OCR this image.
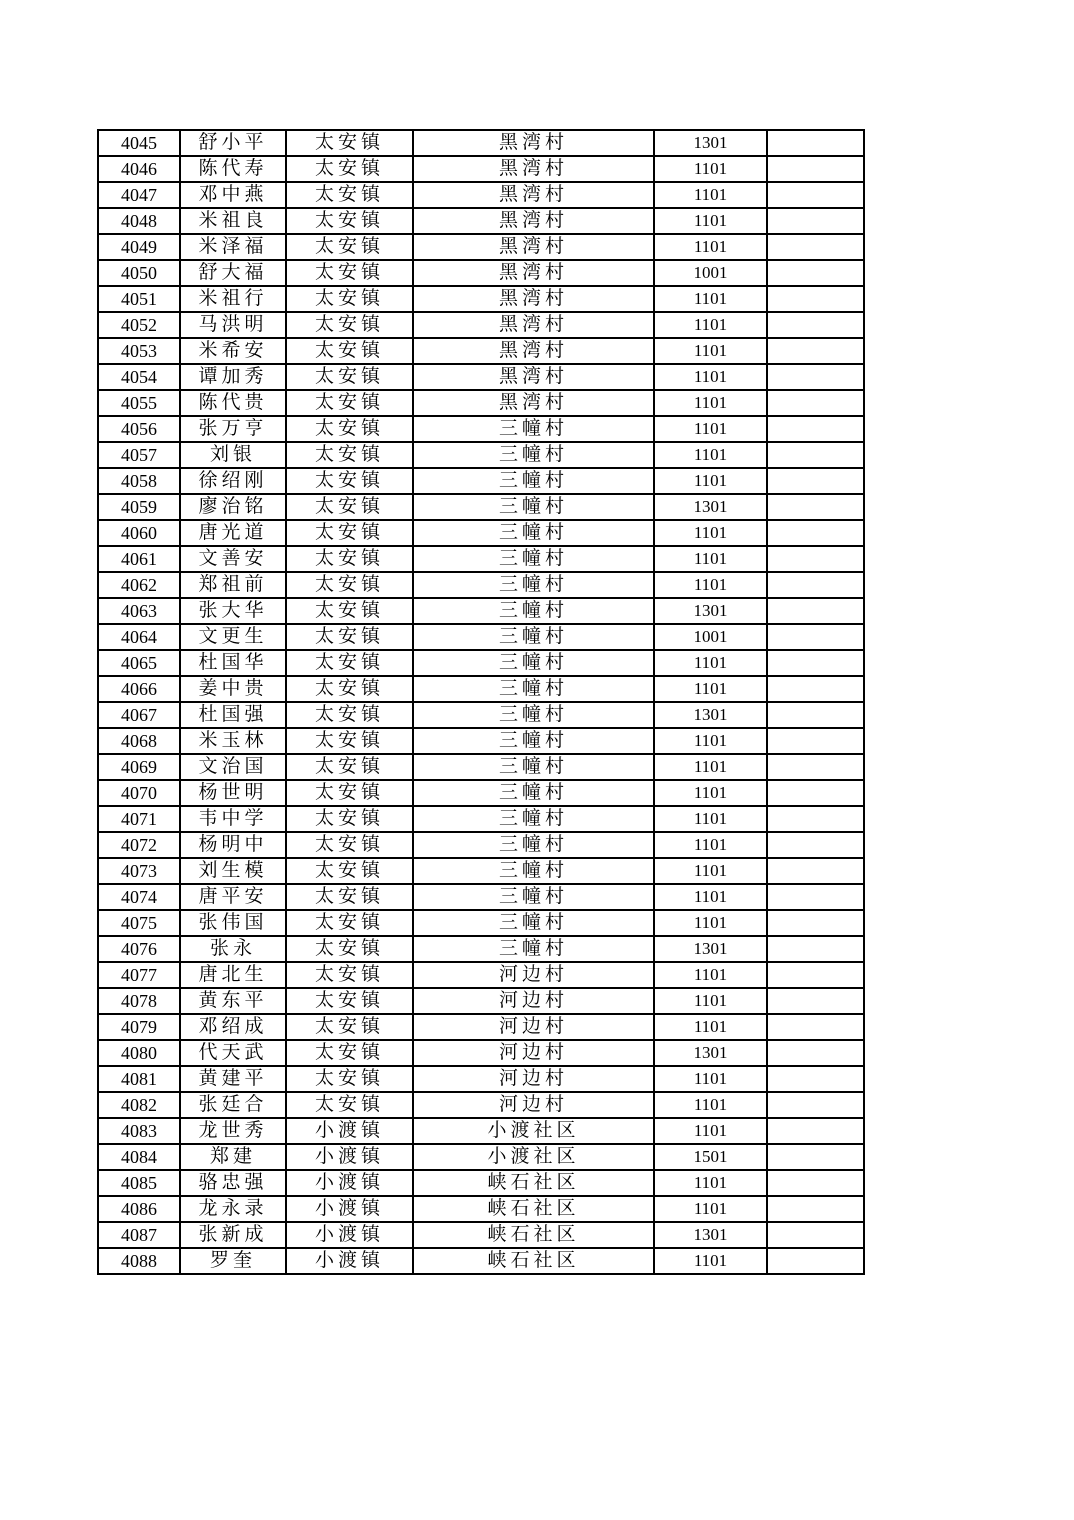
4045	舒小平	太安镇	黑湾村	1301	
4046	陈代寿	太安镇	黑湾村	1101	
4047	邓中燕	太安镇	黑湾村	1101	
4048	米祖良	太安镇	黑湾村	1101	
4049	米泽福	太安镇	黑湾村	1101	
4050	舒大福	太安镇	黑湾村	1001	
4051	米祖行	太安镇	黑湾村	1101	
4052	马洪明	太安镇	黑湾村	1101	
4053	米希安	太安镇	黑湾村	1101	
4054	谭加秀	太安镇	黑湾村	1101	
4055	陈代贵	太安镇	黑湾村	1101	
4056	张万亨	太安镇	三幢村	1101	
4057	刘银	太安镇	三幢村	1101	
4058	徐绍刚	太安镇	三幢村	1101	
4059	廖治铭	太安镇	三幢村	1301	
4060	唐光道	太安镇	三幢村	1101	
4061	文善安	太安镇	三幢村	1101	
4062	郑祖前	太安镇	三幢村	1101	
4063	张大华	太安镇	三幢村	1301	
4064	文更生	太安镇	三幢村	1001	
4065	杜国华	太安镇	三幢村	1101	
4066	姜中贵	太安镇	三幢村	1101	
4067	杜国强	太安镇	三幢村	1301	
4068	米玉林	太安镇	三幢村	1101	
4069	文治国	太安镇	三幢村	1101	
4070	杨世明	太安镇	三幢村	1101	
4071	韦中学	太安镇	三幢村	1101	
4072	杨明中	太安镇	三幢村	1101	
4073	刘生模	太安镇	三幢村	1101	
4074	唐平安	太安镇	三幢村	1101	
4075	张伟国	太安镇	三幢村	1101	
4076	张永	太安镇	三幢村	1301	
4077	唐北生	太安镇	河边村	1101	
4078	黄东平	太安镇	河边村	1101	
4079	邓绍成	太安镇	河边村	1101	
4080	代天武	太安镇	河边村	1301	
4081	黄建平	太安镇	河边村	1101	
4082	张廷合	太安镇	河边村	1101	
4083	龙世秀	小渡镇	小渡社区	1101	
4084	郑建	小渡镇	小渡社区	1501	
4085	骆忠强	小渡镇	峡石社区	1101	
4086	龙永录	小渡镇	峡石社区	1101	
4087	张新成	小渡镇	峡石社区	1301	
4088	罗奎	小渡镇	峡石社区	1101	
